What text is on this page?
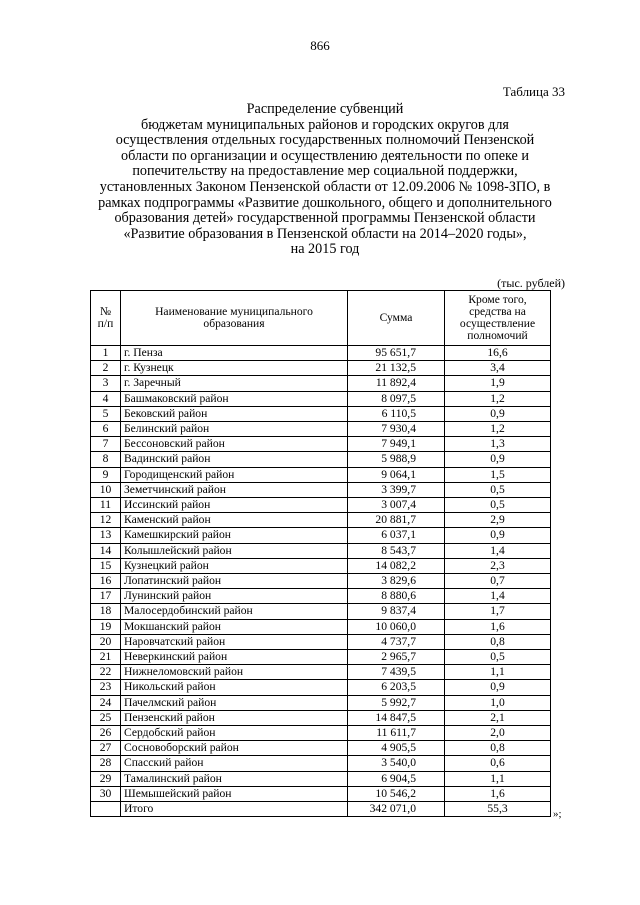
866
Таблица 33
Распределение субвенций
бюджетам муниципальных районов и городских округов для
осуществления отдельных государственных полномочий Пензенской
области по организации и осуществлению деятельности по опеке и
попечительству на предоставление мер социальной поддержки,
установленных Законом Пензенской области от 12.09.2006 № 1098-ЗПО, в
рамках подпрограммы «Развитие дошкольного, общего и дополнительного
образования детей» государственной программы Пензенской области
«Развитие образования в Пензенской области на 2014–2020 годы»,
на 2015 год
(тыс. рублей)
№ п/п	Наименование муниципального образования	Сумма	Кроме того, средства на осуществление полномочий
1	г. Пенза	95 651,7	16,6
2	г. Кузнецк	21 132,5	3,4
3	г. Заречный	11 892,4	1,9
4	Башмаковский район	8 097,5	1,2
5	Бековский район	6 110,5	0,9
6	Белинский район	7 930,4	1,2
7	Бессоновский район	7 949,1	1,3
8	Вадинский район	5 988,9	0,9
9	Городищенский район	9 064,1	1,5
10	Земетчинский район	3 399,7	0,5
11	Иссинский район	3 007,4	0,5
12	Каменский район	20 881,7	2,9
13	Камешкирский район	6 037,1	0,9
14	Колышлейский район	8 543,7	1,4
15	Кузнецкий район	14 082,2	2,3
16	Лопатинский район	3 829,6	0,7
17	Лунинский район	8 880,6	1,4
18	Малосердобинский район	9 837,4	1,7
19	Мокшанский район	10 060,0	1,6
20	Наровчатский район	4 737,7	0,8
21	Неверкинский район	2 965,7	0,5
22	Нижнеломовский район	7 439,5	1,1
23	Никольский район	6 203,5	0,9
24	Пачелмский район	5 992,7	1,0
25	Пензенский район	14 847,5	2,1
26	Сердобский район	11 611,7	2,0
27	Сосновоборский район	4 905,5	0,8
28	Спасский район	3 540,0	0,6
29	Тамалинский район	6 904,5	1,1
30	Шемышейский район	10 546,2	1,6
	Итого	342 071,0	55,3	»;
